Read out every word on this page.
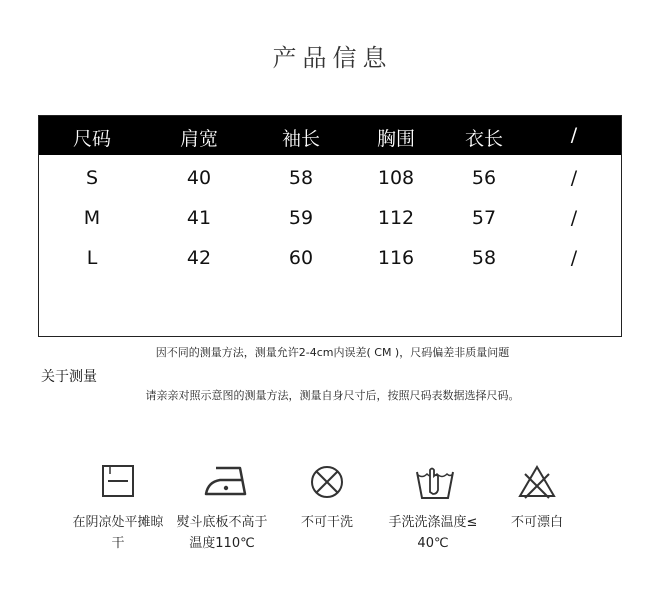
产品信息
尺码	肩宽	袖长	胸围	衣长	/
S	40	58	108	56	/
M	41	59	112	57	/
L	42	60	116	58	/
因不同的测量方法，测量允许2-4cm内误差( CM )，尺码偏差非质量问题
关于测量
请亲亲对照示意图的测量方法，测量自身尺寸后，按照尺码表数据选择尺码。
在阴凉处平摊晾
干
熨斗底板不高于
温度110℃
不可干洗	手洗洗涤温度≤
40℃
不可漂白
